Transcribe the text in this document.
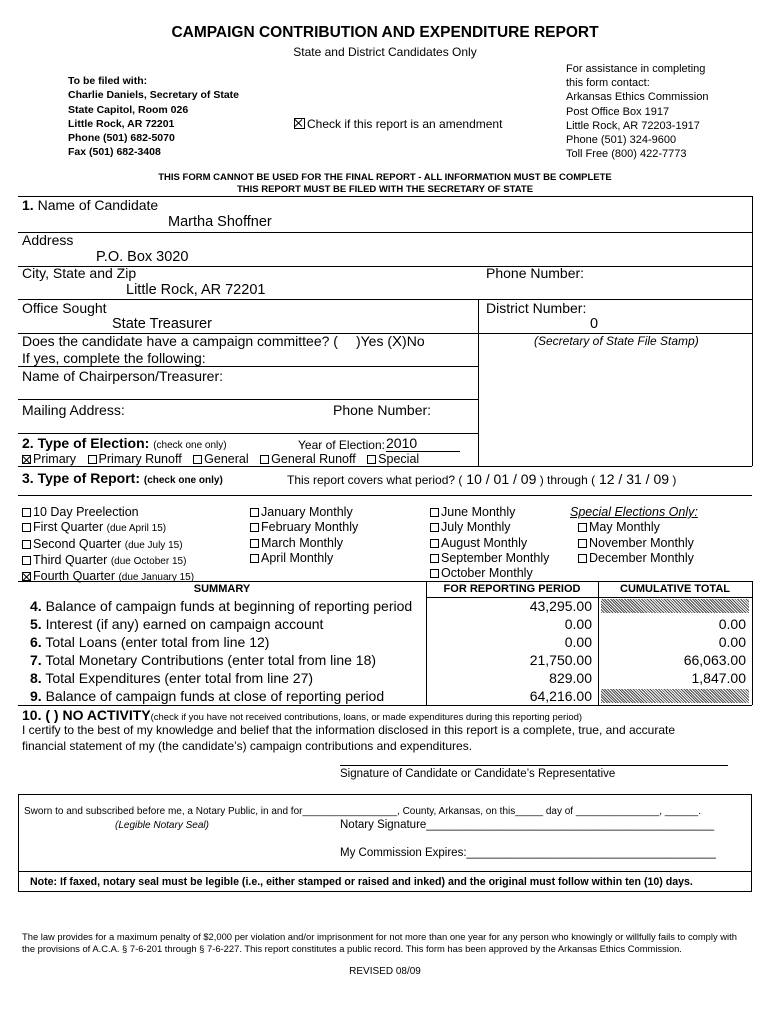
CAMPAIGN CONTRIBUTION AND EXPENDITURE REPORT
State and District Candidates Only
To be filed with:
Charlie Daniels, Secretary of State
State Capitol, Room 026
Little Rock, AR 72201
Phone (501) 682-5070
Fax (501) 682-3408
Check if this report is an amendment
For assistance in completing
this form contact:
Arkansas Ethics Commission
Post Office Box 1917
Little Rock, AR 72203-1917
Phone (501) 324-9600
Toll Free (800) 422-7773
THIS FORM CANNOT BE USED FOR THE FINAL REPORT - ALL INFORMATION MUST BE COMPLETE
THIS REPORT MUST BE FILED WITH THE SECRETARY OF STATE
1. Name of Candidate
Martha Shoffner
Address
P.O. Box 3020
City, State and Zip	Phone Number:
Little Rock, AR 72201
Office Sought	District Number:
State Treasurer	0
Does the candidate have a campaign committee? ( )Yes (X)No	(Secretary of State File Stamp)
If yes, complete the following:
Name of Chairperson/Treasurer:
Mailing Address:	Phone Number:
2. Type of Election: (check one only)	Year of Election: 2010
Primary Primary Runoff General General Runoff Special
3. Type of Report: (check one only)	This report covers what period? ( 10 / 01 / 09 ) through ( 12 / 31 / 09 )
10 Day Preelection
First Quarter (due April 15)
Second Quarter (due July 15)
Third Quarter (due October 15)
Fourth Quarter (due January 15)
January Monthly
February Monthly
March Monthly
April Monthly
June Monthly
July Monthly
August Monthly
September Monthly
October Monthly
Special Elections Only:
May Monthly
November Monthly
December Monthly
SUMMARY	FOR REPORTING PERIOD	CUMULATIVE TOTAL
4. Balance of campaign funds at beginning of reporting period	43,295.00
5. Interest (if any) earned on campaign account	0.00	0.00
6. Total Loans (enter total from line 12)	0.00	0.00
7. Total Monetary Contributions (enter total from line 18)	21,750.00	66,063.00
8. Total Expenditures (enter total from line 27)	829.00	1,847.00
9. Balance of campaign funds at close of reporting period	64,216.00
10. ( ) NO ACTIVITY(check if you have not received contributions, loans, or made expenditures during this reporting period)
I certify to the best of my knowledge and belief that the information disclosed in this report is a complete, true, and accurate
financial statement of my (the candidate’s) campaign contributions and expenditures.
Signature of Candidate or Candidate’s Representative
Sworn to and subscribed before me, a Notary Public, in and for_________________, County, Arkansas, on this_____ day of _______________, ______.
(Legible Notary Seal)	Notary Signature_____________________________________________
My Commission Expires:_______________________________________
Note: If faxed, notary seal must be legible (i.e., either stamped or raised and inked) and the original must follow within ten (10) days.
The law provides for a maximum penalty of $2,000 per violation and/or imprisonment for not more than one year for any person who knowingly or willfully fails to comply with the provisions of A.C.A. § 7-6-201 through § 7-6-227. This report constitutes a public record. This form has been approved by the Arkansas Ethics Commission.
REVISED 08/09
